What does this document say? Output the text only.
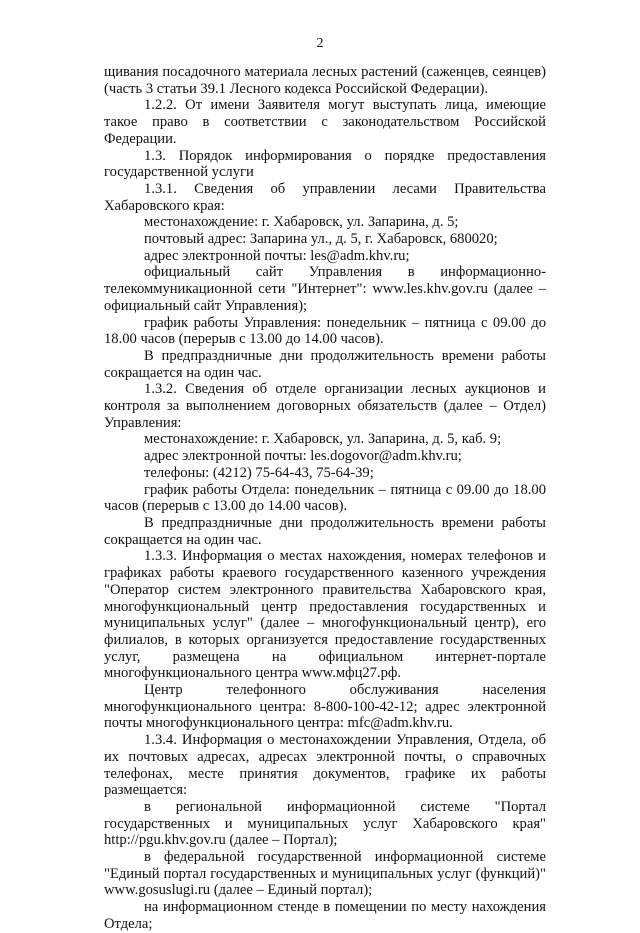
2

щивания посадочного материала лесных растений (саженцев, сеянцев) (часть 3 статьи 39.1 Лесного кодекса Российской Федерации).

1.2.2. От имени Заявителя могут выступать лица, имеющие такое право в соответствии с законодательством Российской Федерации.

1.3. Порядок информирования о порядке предоставления государственной услуги

1.3.1. Сведения об управлении лесами Правительства Хабаровского края:

местонахождение: г. Хабаровск, ул. Запарина, д. 5;

почтовый адрес: Запарина ул., д. 5, г. Хабаровск, 680020;

адрес электронной почты: les@adm.khv.ru;

официальный сайт Управления в информационно-телекоммуникационной сети "Интернет": www.les.khv.gov.ru (далее – официальный сайт Управления);

график работы Управления: понедельник – пятница с 09.00 до 18.00 часов (перерыв с 13.00 до 14.00 часов).

В предпраздничные дни продолжительность времени работы сокращается на один час.

1.3.2. Сведения об отделе организации лесных аукционов и контроля за выполнением договорных обязательств (далее – Отдел) Управления:

местонахождение: г. Хабаровск, ул. Запарина, д. 5, каб. 9;

адрес электронной почты: les.dogovor@adm.khv.ru;

телефоны: (4212) 75-64-43, 75-64-39;

график работы Отдела: понедельник – пятница с 09.00 до 18.00 часов (перерыв с 13.00 до 14.00 часов).

В предпраздничные дни продолжительность времени работы сокращается на один час.

1.3.3. Информация о местах нахождения, номерах телефонов и графиках работы краевого государственного казенного учреждения "Оператор систем электронного правительства Хабаровского края, многофункциональный центр предоставления государственных и муниципальных услуг" (далее – многофункциональный центр), его филиалов, в которых организуется предоставление государственных услуг, размещена на официальном интернет-портале многофункционального центра www.мфц27.рф.

Центр телефонного обслуживания населения многофункционального центра: 8-800-100-42-12; адрес электронной почты многофункционального центра: mfc@adm.khv.ru.

1.3.4. Информация о местонахождении Управления, Отдела, об их почтовых адресах, адресах электронной почты, о справочных телефонах, месте принятия документов, графике их работы размещается:

в региональной информационной системе "Портал государственных и муниципальных услуг Хабаровского края" http://pgu.khv.gov.ru (далее – Портал);

в федеральной государственной информационной системе "Единый портал государственных и муниципальных услуг (функций)" www.gosuslugi.ru (далее – Единый портал);

на информационном стенде в помещении по месту нахождения Отдела;
